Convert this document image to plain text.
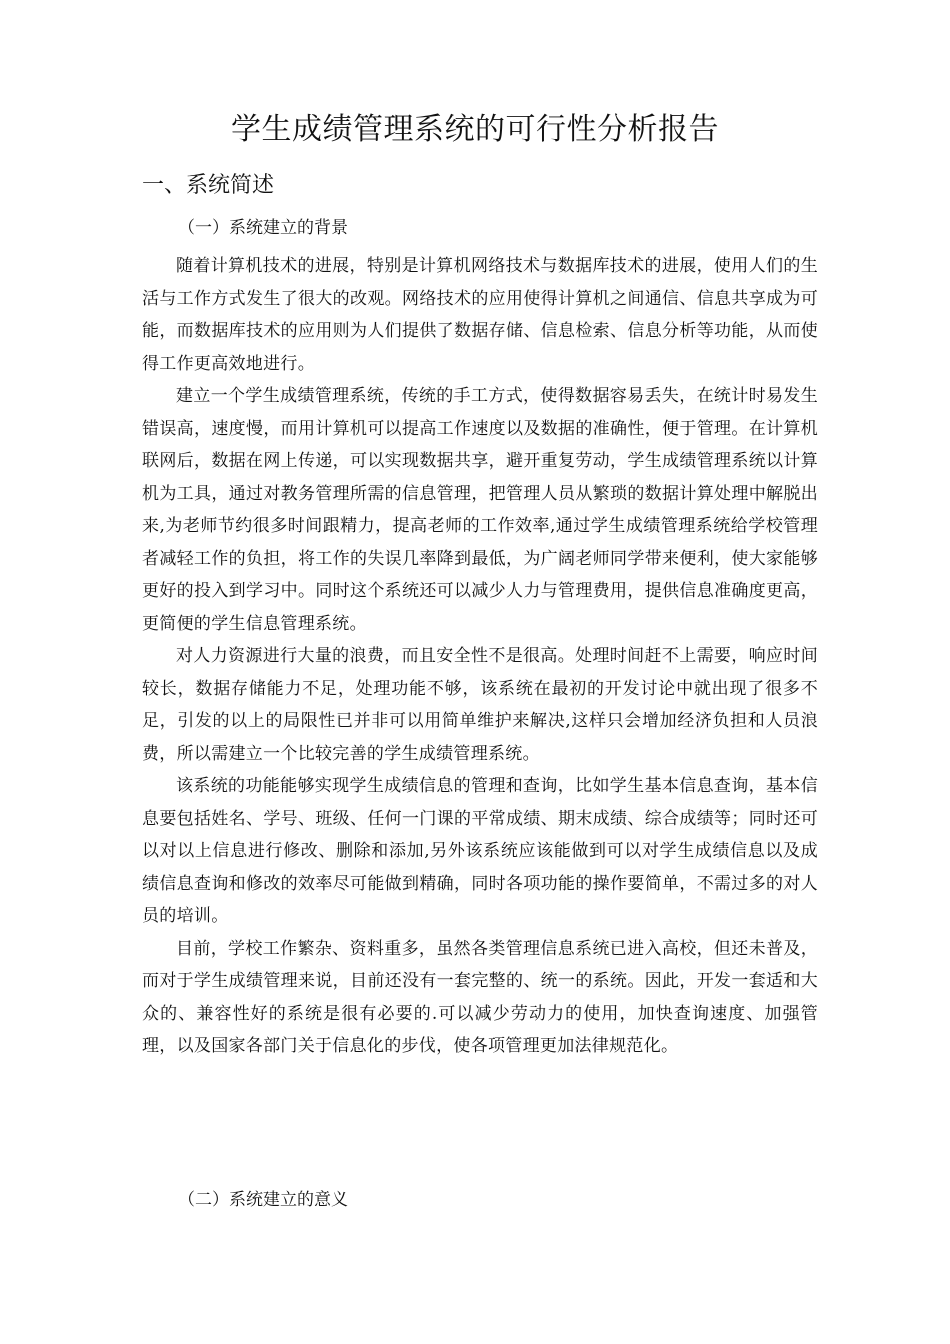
学生成绩管理系统的可行性分析报告
一、系统简述
（一）系统建立的背景

随着计算机技术的进展，特别是计算机网络技术与数据库技术的进展，使用人们的生活与工作方式发生了很大的改观。网络技术的应用使得计算机之间通信、信息共享成为可能，而数据库技术的应用则为人们提供了数据存储、信息检索、信息分析等功能，从而使得工作更高效地进行。

建立一个学生成绩管理系统，传统的手工方式，使得数据容易丢失，在统计时易发生错误高，速度慢，而用计算机可以提高工作速度以及数据的准确性，便于管理。在计算机联网后，数据在网上传递，可以实现数据共享，避开重复劳动，学生成绩管理系统以计算机为工具，通过对教务管理所需的信息管理，把管理人员从繁琐的数据计算处理中解脱出来,为老师节约很多时间跟精力，提高老师的工作效率,通过学生成绩管理系统给学校管理者减轻工作的负担，将工作的失误几率降到最低，为广阔老师同学带来便利，使大家能够更好的投入到学习中。同时这个系统还可以减少人力与管理费用，提供信息准确度更高，更简便的学生信息管理系统。

对人力资源进行大量的浪费，而且安全性不是很高。处理时间赶不上需要，响应时间较长，数据存储能力不足，处理功能不够，该系统在最初的开发讨论中就出现了很多不足，引发的以上的局限性已并非可以用简单维护来解决,这样只会增加经济负担和人员浪费，所以需建立一个比较完善的学生成绩管理系统。

该系统的功能能够实现学生成绩信息的管理和查询，比如学生基本信息查询，基本信息要包括姓名、学号、班级、任何一门课的平常成绩、期末成绩、综合成绩等；同时还可以对以上信息进行修改、删除和添加,另外该系统应该能做到可以对学生成绩信息以及成绩信息查询和修改的效率尽可能做到精确，同时各项功能的操作要简单，不需过多的对人员的培训。

目前，学校工作繁杂、资料重多，虽然各类管理信息系统已进入高校，但还未普及，而对于学生成绩管理来说，目前还没有一套完整的、统一的系统。因此，开发一套适和大众的、兼容性好的系统是很有必要的.可以减少劳动力的使用，加快查询速度、加强管理，以及国家各部门关于信息化的步伐，使各项管理更加法律规范化。

（二）系统建立的意义
